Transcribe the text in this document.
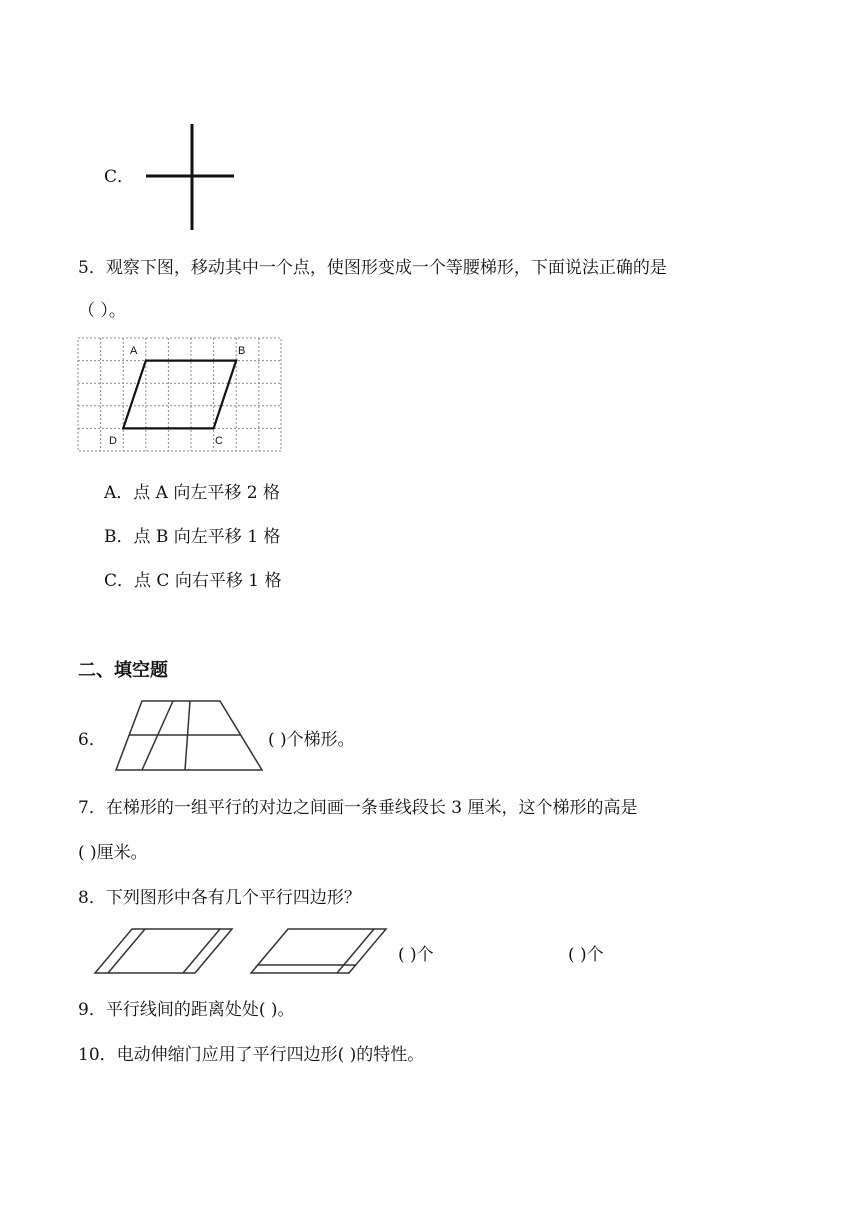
C．
5．观察下图，移动其中一个点，使图形变成一个等腰梯形，下面说法正确的是
（ ）。
A	B
C
D
A．点 A 向左平移 2 格
B．点 B 向左平移 1 格
C．点 C 向右平移 1 格
二、填空题
6．	( )个梯形。
7．在梯形的一组平行的对边之间画一条垂线段长 3 厘米，这个梯形的高是
( )厘米。
8．下列图形中各有几个平行四边形？
( )个	( )个
9．平行线间的距离处处( )。
10．电动伸缩门应用了平行四边形( )的特性。
